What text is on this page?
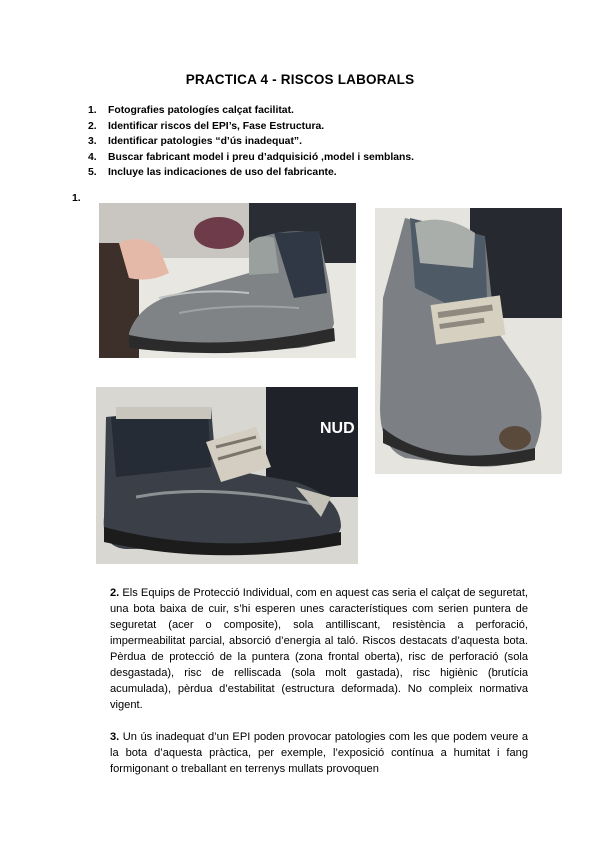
PRACTICA 4 - RISCOS LABORALS
1. Fotografies patologíes calçat facilitat.
2. Identificar riscos del EPI’s, Fase Estructura.
3. Identificar patologies “d’ús inadequat”.
4. Buscar fabricant model i preu d’adquisició ,model i semblans.
5. Incluye las indicaciones de uso del fabricante.
1.
NUD

2. Els Equips de Protecció Individual, com en aquest cas seria el calçat de seguretat, una bota baixa de cuir, s’hi esperen unes característiques com serien puntera de seguretat (acer o composite), sola antilliscant, resistència a perforació, impermeabilitat parcial, absorció d’energia al taló. Riscos destacats d’aquesta bota. Pèrdua de protecció de la puntera (zona frontal oberta), risc de perforació (sola desgastada), risc de relliscada (sola molt gastada), risc higiènic (brutícia acumulada), pèrdua d’estabilitat (estructura deformada). No compleix normativa vigent.

3. Un ús inadequat d’un EPI poden provocar patologies com les que podem veure a la bota d’aquesta pràctica, per exemple, l’exposició contínua a humitat i fang formigonant o treballant en terrenys mullats provoquen
